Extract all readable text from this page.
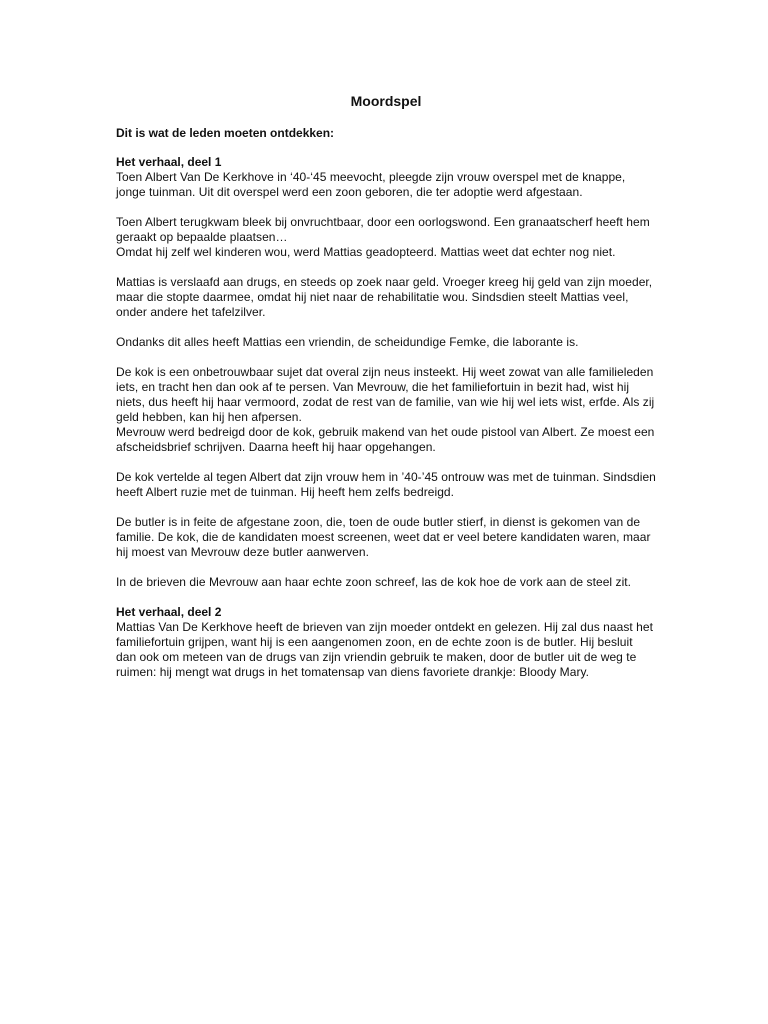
Moordspel
Dit is wat de leden moeten ontdekken:
Het verhaal, deel 1

Toen Albert Van De Kerkhove in ‘40-‘45 meevocht, pleegde zijn vrouw overspel met de knappe, jonge tuinman. Uit dit overspel werd een zoon geboren, die ter adoptie werd afgestaan.

Toen Albert terugkwam bleek bij onvruchtbaar, door een oorlogswond. Een granaatscherf heeft hem geraakt op bepaalde plaatsen…

Omdat hij zelf wel kinderen wou, werd Mattias geadopteerd. Mattias weet dat echter nog niet.

Mattias is verslaafd aan drugs, en steeds op zoek naar geld. Vroeger kreeg hij geld van zijn moeder, maar die stopte daarmee, omdat hij niet naar de rehabilitatie wou. Sindsdien steelt Mattias veel, onder andere het tafelzilver.

Ondanks dit alles heeft Mattias een vriendin, de scheidundige Femke, die laborante is.

De kok is een onbetrouwbaar sujet dat overal zijn neus insteekt. Hij weet zowat van alle familieleden iets, en tracht hen dan ook af te persen. Van Mevrouw, die het familiefortuin in bezit had, wist hij niets, dus heeft hij haar vermoord, zodat de rest van de familie, van wie hij wel iets wist, erfde. Als zij geld hebben, kan hij hen afpersen.

Mevrouw werd bedreigd door de kok, gebruik makend van het oude pistool van Albert. Ze moest een afscheidsbrief schrijven. Daarna heeft hij haar opgehangen.

De kok vertelde al tegen Albert dat zijn vrouw hem in ’40-’45 ontrouw was met de tuinman. Sindsdien heeft Albert ruzie met de tuinman. Hij heeft hem zelfs bedreigd.

De butler is in feite de afgestane zoon, die, toen de oude butler stierf, in dienst is gekomen van de familie. De kok, die de kandidaten moest screenen, weet dat er veel betere kandidaten waren, maar hij moest van Mevrouw deze butler aanwerven.

In de brieven die Mevrouw aan haar echte zoon schreef, las de kok hoe de vork aan de steel zit.

Het verhaal, deel 2

Mattias Van De Kerkhove heeft de brieven van zijn moeder ontdekt en gelezen. Hij zal dus naast het familiefortuin grijpen, want hij is een aangenomen zoon, en de echte zoon is de butler. Hij besluit dan ook om meteen van de drugs van zijn vriendin gebruik te maken, door de butler uit de weg te ruimen: hij mengt wat drugs in het tomatensap van diens favoriete drankje: Bloody Mary.
